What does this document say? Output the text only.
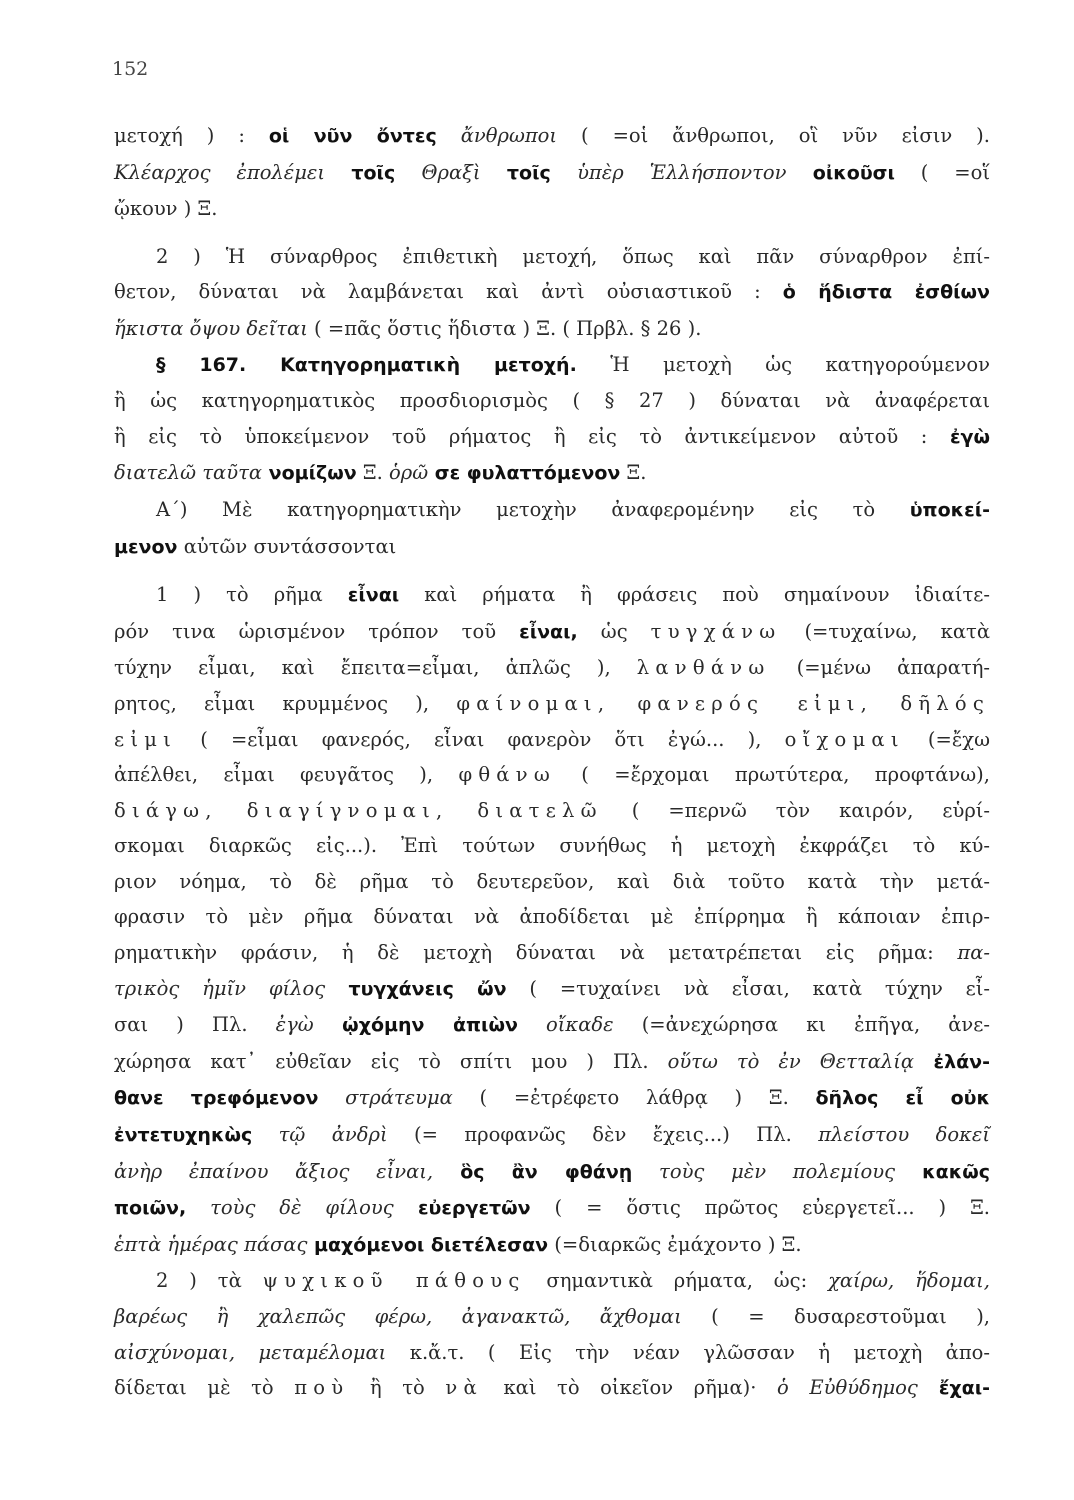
152

μετοχή ) : οἱ νῦν ὄντες ἄνθρωποι ( =οἱ ἄνθρωποι, οἳ νῦν εἰσιν ).

Κλέαρχος ἐπολέμει τοῖς Θραξὶ τοῖς ὑπὲρ Ἑλλήσποντον οἰκοῦσι ( =οἵ

ᾤκουν ) Ξ.

2 ) Ἡ σύναρθρος ἐπιθετικὴ μετοχή, ὅπως καὶ πᾶν σύναρθρον ἐπί-

θετον, δύναται νὰ λαμβάνεται καὶ ἀντὶ οὐσιαστικοῦ : ὁ ἥδιστα ἐσθίων

ἥκιστα ὄψου δεῖται ( =πᾶς ὅστις ἥδιστα ) Ξ. ( Πρβλ. § 26 ).

§ 167. Κατηγορηματικὴ μετοχή. Ἡ μετοχὴ ὡς κατηγορούμενον

ἢ ὡς κατηγορηματικὸς προσδιορισμὸς ( § 27 ) δύναται νὰ ἀναφέρεται

ἢ εἰς τὸ ὑποκείμενον τοῦ ρήματος ἢ εἰς τὸ ἀντικείμενον αὐτοῦ : ἐγὼ

διατελῶ ταῦτα νομίζων Ξ. ὁρῶ σε φυλαττόμενον Ξ.

Α΄) Μὲ κατηγορηματικὴν μετοχὴν ἀναφερομένην εἰς τὸ ὑποκεί-

μενον αὐτῶν συντάσσονται

1 ) τὸ ρῆμα εἶναι καὶ ρήματα ἢ φράσεις ποὺ σημαίνουν ἰδιαίτε-

ρόν τινα ὡρισμένον τρόπον τοῦ εἶναι, ὡς τυγχάνω (=τυχαίνω, κατὰ

τύχην εἶμαι, καὶ ἔπειτα=εἶμαι, ἁπλῶς ), λανθάνω (=μένω ἀπαρατή-

ρητος, εἶμαι κρυμμένος ), φαίνομαι, φανερός εἰμι, δῆλός

εἰμι ( =εἶμαι φανερός, εἶναι φανερὸν ὅτι ἐγώ... ), οἴχομαι (=ἔχω

ἀπέλθει, εἶμαι φευγᾶτος ), φθάνω ( =ἔρχομαι πρωτύτερα, προφτάνω),

διάγω, διαγίγνομαι, διατελῶ ( =περνῶ τὸν καιρόν, εὑρί-

σκομαι διαρκῶς εἰς...). Ἐπὶ τούτων συνήθως ἡ μετοχὴ ἐκφράζει τὸ κύ-

ριον νόημα, τὸ δὲ ρῆμα τὸ δευτερεῦον, καὶ διὰ τοῦτο κατὰ τὴν μετά-

φρασιν τὸ μὲν ρῆμα δύναται νὰ ἀποδίδεται μὲ ἐπίρρημα ἢ κάποιαν ἐπιρ-

ρηματικὴν φράσιν, ἡ δὲ μετοχὴ δύναται νὰ μετατρέπεται εἰς ρῆμα: πα-

τρικὸς ἡμῖν φίλος τυγχάνεις ὤν ( =τυχαίνει νὰ εἶσαι, κατὰ τύχην εἶ-

σαι ) Πλ. ἐγὼ ᾠχόμην ἀπιὼν οἴκαδε (=ἀνεχώρησα κι ἐπῆγα, ἀνε-

χώρησα κατ᾽ εὐθεῖαν εἰς τὸ σπίτι μου ) Πλ. οὕτω τὸ ἐν Θετταλίᾳ ἐλάν-

θανε τρεφόμενον στράτευμα ( =ἐτρέφετο λάθρᾳ ) Ξ. δῆλος εἶ οὐκ

ἐντετυχηκὼς τῷ ἀνδρὶ (= προφανῶς δὲν ἔχεις...) Πλ. πλείστου δοκεῖ

ἀνὴρ ἐπαίνου ἄξιος εἶναι, ὃς ἂν φθάνῃ τοὺς μὲν πολεμίους κακῶς

ποιῶν, τοὺς δὲ φίλους εὐεργετῶν ( = ὅστις πρῶτος εὐεργετεῖ... ) Ξ.

ἑπτὰ ἡμέρας πάσας μαχόμενοι διετέλεσαν (=διαρκῶς ἐμάχοντο ) Ξ.

2 ) τὰ ψυχικοῦ πάθους σημαντικὰ ρήματα, ὡς: χαίρω, ἥδομαι,

βαρέως ἢ χαλεπῶς φέρω, ἀγανακτῶ, ἄχθομαι ( = δυσαρεστοῦμαι ),

αἰσχύνομαι, μεταμέλομαι κ.ἄ.τ. ( Εἰς τὴν νέαν γλῶσσαν ἡ μετοχὴ ἀπο-

δίδεται μὲ τὸ ποὺ ἢ τὸ νὰ καὶ τὸ οἰκεῖον ρῆμα)· ὁ Εὐθύδημος ἔχαι-
